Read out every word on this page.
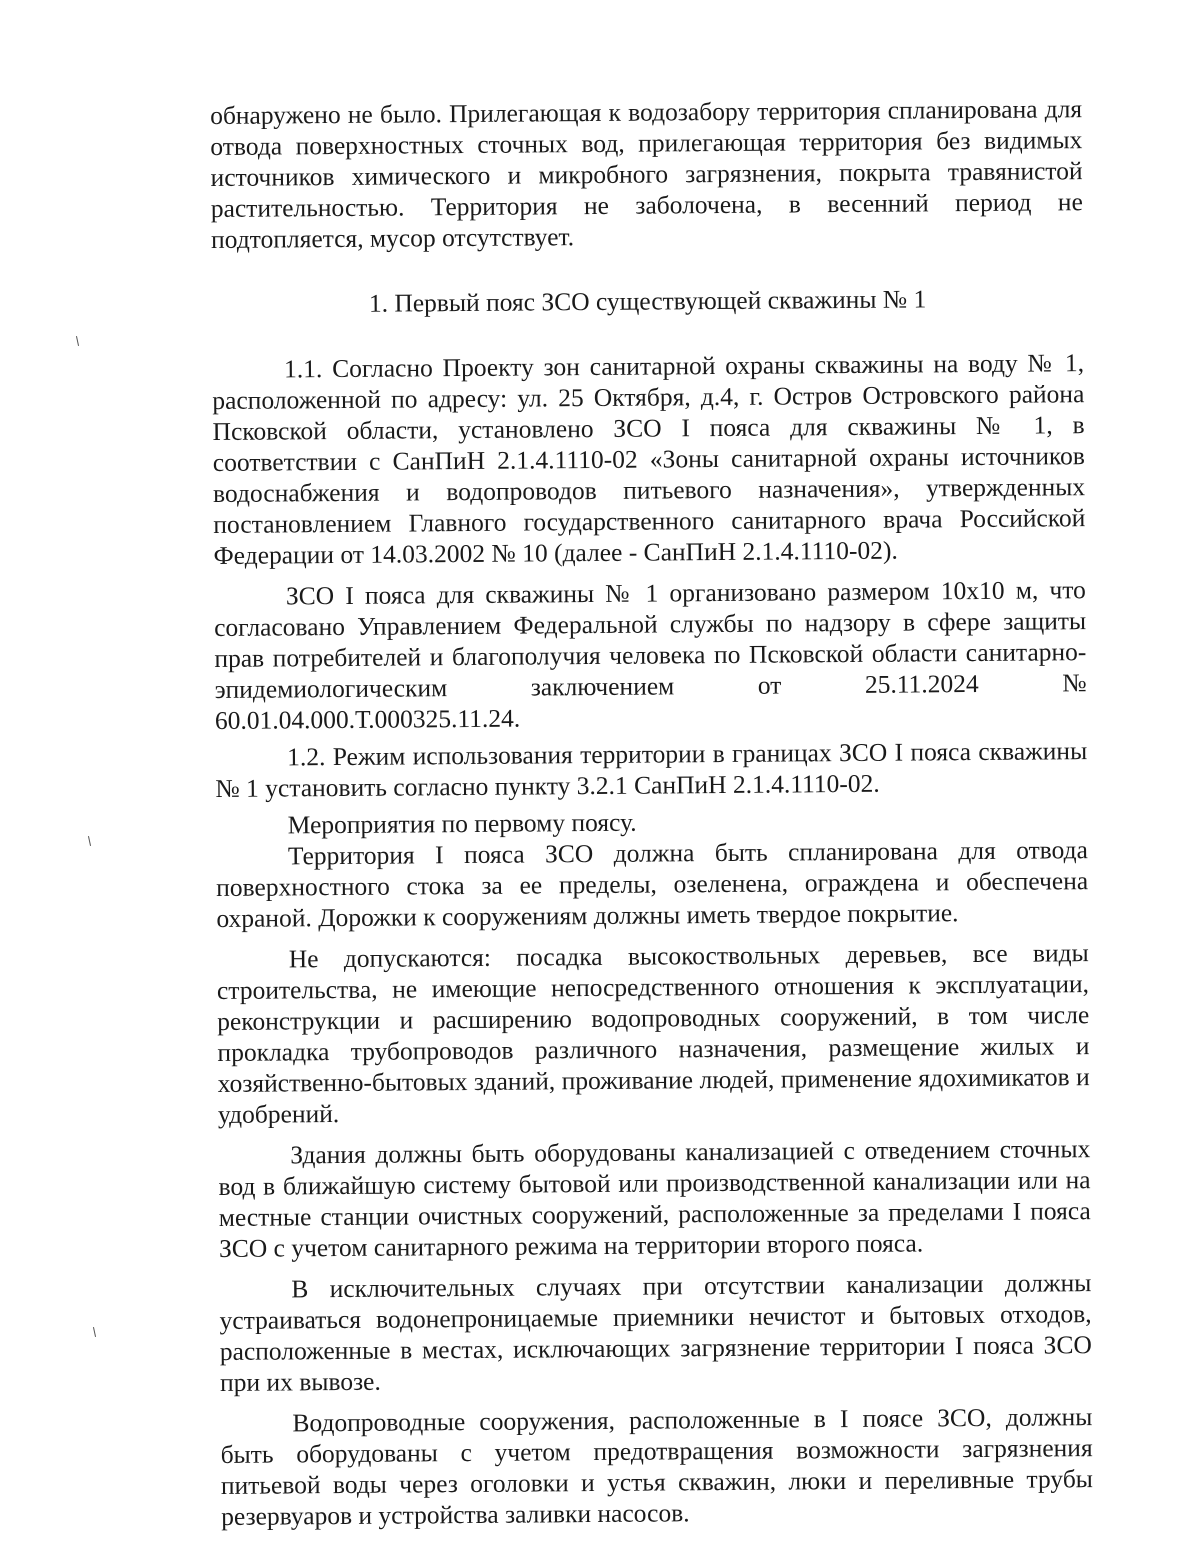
обнаружено не было. Прилегающая к водозабору территория спланирована для отвода поверхностных сточных вод, прилегающая территория без видимых источников химического и микробного загрязнения, покрыта травянистой растительностью. Территория не заболочена, в весенний период не подтопляется, мусор отсутствует.

1. Первый пояс ЗСО существующей скважины № 1

1.1. Согласно Проекту зон санитарной охраны скважины на воду № 1, расположенной по адресу: ул. 25 Октября, д.4, г. Остров Островского района Псковской области, установлено ЗСО I пояса для скважины № 1, в соответствии с СанПиН 2.1.4.1110-02 «Зоны санитарной охраны источников водоснабжения и водопроводов питьевого назначения», утвержденных постановлением Главного государственного санитарного врача Российской Федерации от 14.03.2002 № 10 (далее - СанПиН 2.1.4.1110-02).

ЗСО I пояса для скважины № 1 организовано размером 10х10 м, что согласовано Управлением Федеральной службы по надзору в сфере защиты прав потребителей и благополучия человека по Псковской области санитарно-эпидемиологическим заключением от 25.11.2024 № 60.01.04.000.Т.000325.11.24.

1.2. Режим использования территории в границах ЗСО I пояса скважины № 1 установить согласно пункту 3.2.1 СанПиН 2.1.4.1110-02.

Мероприятия по первому поясу.

Территория I пояса ЗСО должна быть спланирована для отвода поверхностного стока за ее пределы, озеленена, ограждена и обеспечена охраной. Дорожки к сооружениям должны иметь твердое покрытие.

Не допускаются: посадка высокоствольных деревьев, все виды строительства, не имеющие непосредственного отношения к эксплуатации, реконструкции и расширению водопроводных сооружений, в том числе прокладка трубопроводов различного назначения, размещение жилых и хозяйственно-бытовых зданий, проживание людей, применение ядохимикатов и удобрений.

Здания должны быть оборудованы канализацией с отведением сточных вод в ближайшую систему бытовой или производственной канализации или на местные станции очистных сооружений, расположенные за пределами I пояса ЗСО с учетом санитарного режима на территории второго пояса.

В исключительных случаях при отсутствии канализации должны устраиваться водонепроницаемые приемники нечистот и бытовых отходов, расположенные в местах, исключающих загрязнение территории I пояса ЗСО при их вывозе.

Водопроводные сооружения, расположенные в I поясе ЗСО, должны быть оборудованы с учетом предотвращения возможности загрязнения питьевой воды через оголовки и устья скважин, люки и переливные трубы резервуаров и устройства заливки насосов.
